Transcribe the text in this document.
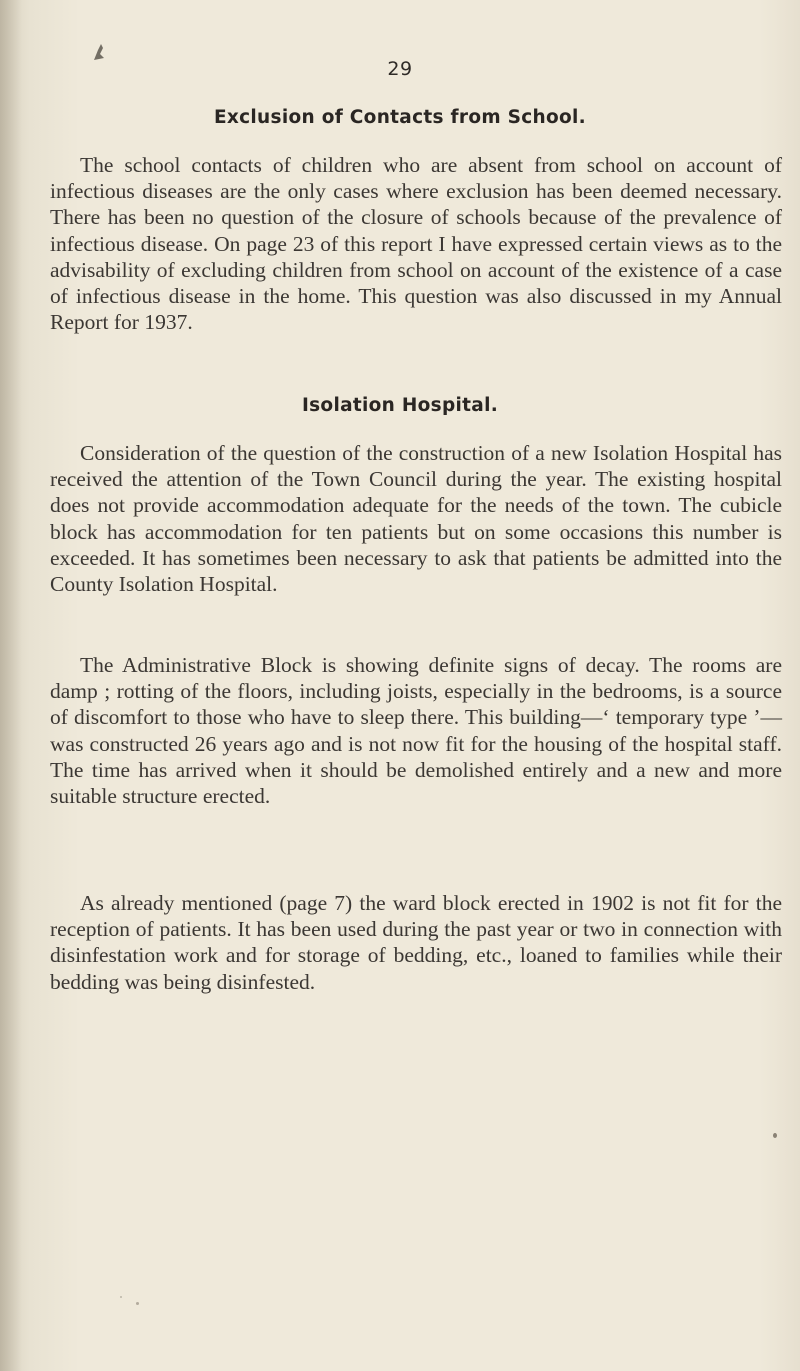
29
Exclusion of Contacts from School.
The school contacts of children who are absent from school on account of infectious diseases are the only cases where exclusion has been deemed necessary. There has been no question of the closure of schools because of the prevalence of infectious disease. On page 23 of this report I have expressed certain views as to the advisability of excluding children from school on account of the existence of a case of infectious disease in the home. This question was also discussed in my Annual Report for 1937.
Isolation Hospital.
Consideration of the question of the construction of a new Isolation Hospital has received the attention of the Town Council during the year. The existing hospital does not provide accommodation adequate for the needs of the town. The cubicle block has accommodation for ten patients but on some occasions this number is exceeded. It has sometimes been necessary to ask that patients be admitted into the County Isolation Hospital.
The Administrative Block is showing definite signs of decay. The rooms are damp ; rotting of the floors, including joists, especially in the bedrooms, is a source of discomfort to those who have to sleep there. This building—‘ temporary type ’—was constructed 26 years ago and is not now fit for the housing of the hospital staff. The time has arrived when it should be demolished entirely and a new and more suitable structure erected.
As already mentioned (page 7) the ward block erected in 1902 is not fit for the reception of patients. It has been used during the past year or two in connection with disinfestation work and for storage of bedding, etc., loaned to families while their bedding was being disinfested.
